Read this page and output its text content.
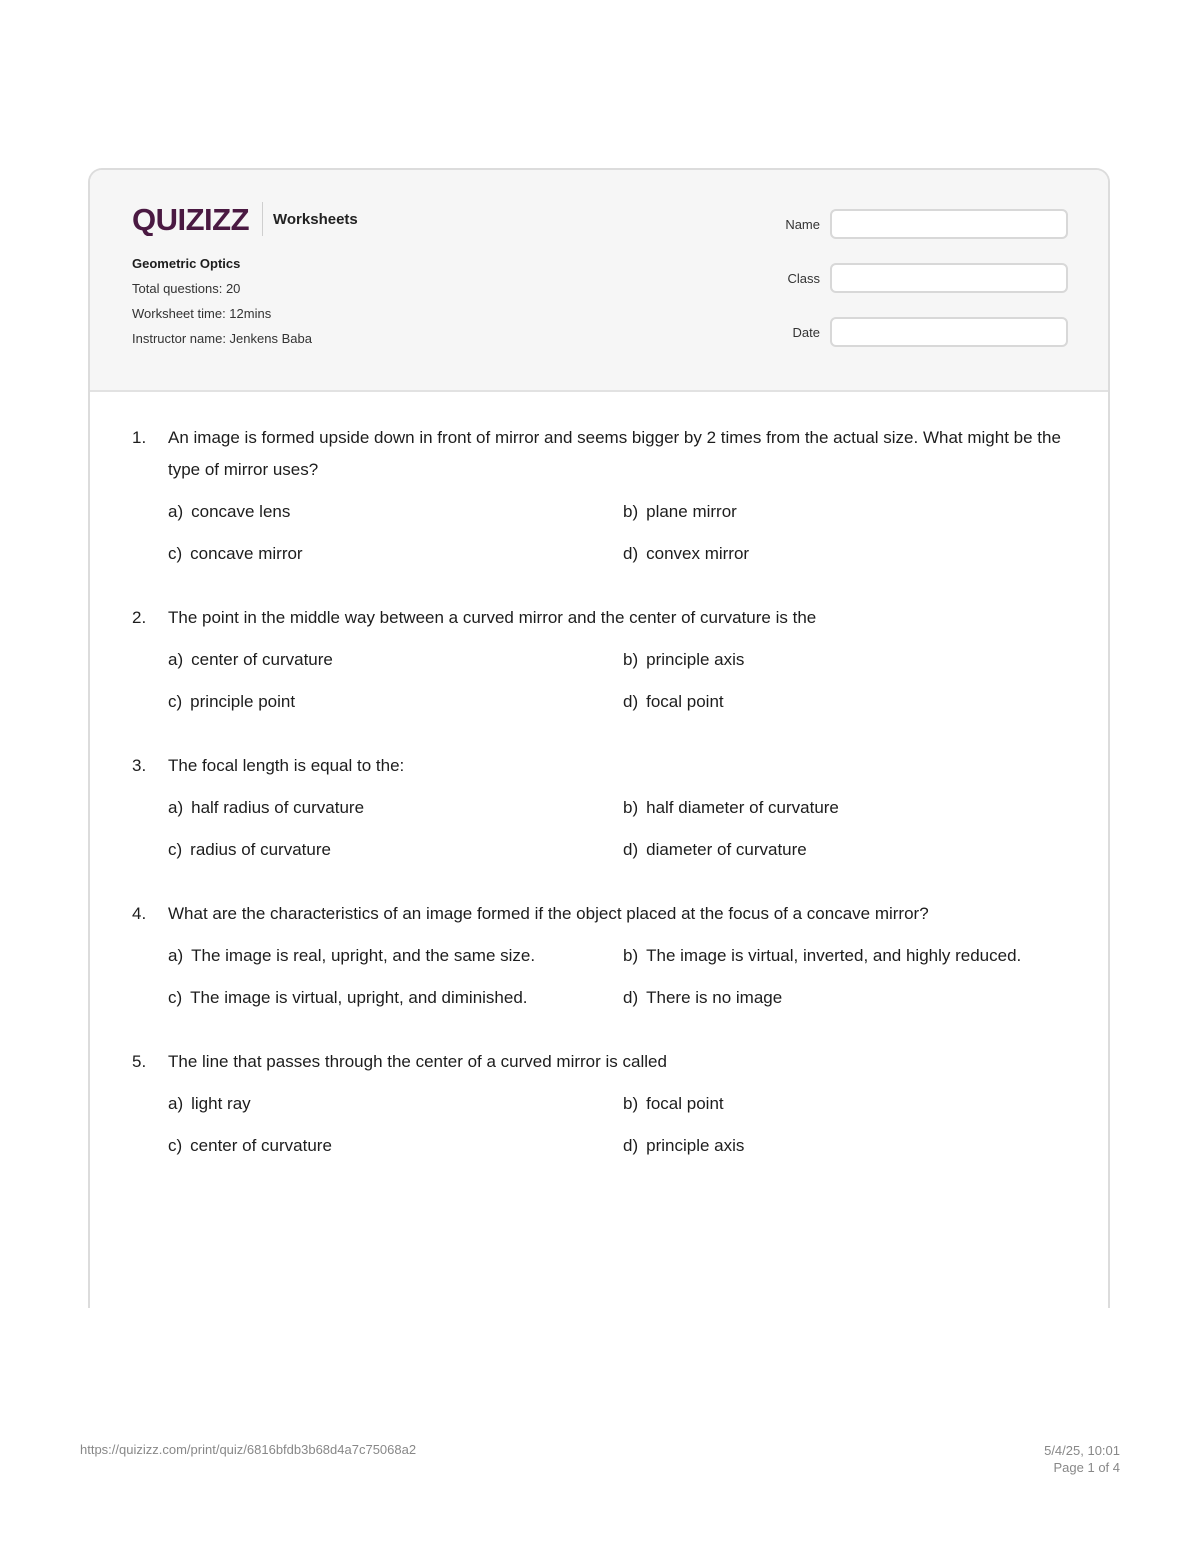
QUIZIZZ Worksheets
Geometric Optics
Total questions: 20
Worksheet time: 12mins
Instructor name: Jenkens Baba
Name
Class
Date
1.	An image is formed upside down in front of mirror and seems bigger by 2 times from the actual size. What might be the type of mirror uses?
a) concave lens	b) plane mirror
c) concave mirror	d) convex mirror
2.	The point in the middle way between a curved mirror and the center of curvature is the
a) center of curvature	b) principle axis
c) principle point	d) focal point
3.	The focal length is equal to the:
a) half radius of curvature	b) half diameter of curvature
c) radius of curvature	d) diameter of curvature
4.	What are the characteristics of an image formed if the object placed at the focus of a concave mirror?
a) The image is real, upright, and the same size.	b) The image is virtual, inverted, and highly reduced.
c) The image is virtual, upright, and diminished.	d) There is no image
5.	The line that passes through the center of a curved mirror is called
a) light ray	b) focal point
c) center of curvature	d) principle axis
https://quizizz.com/print/quiz/6816bfdb3b68d4a7c75068a2	5/4/25, 10:01
Page 1 of 4
